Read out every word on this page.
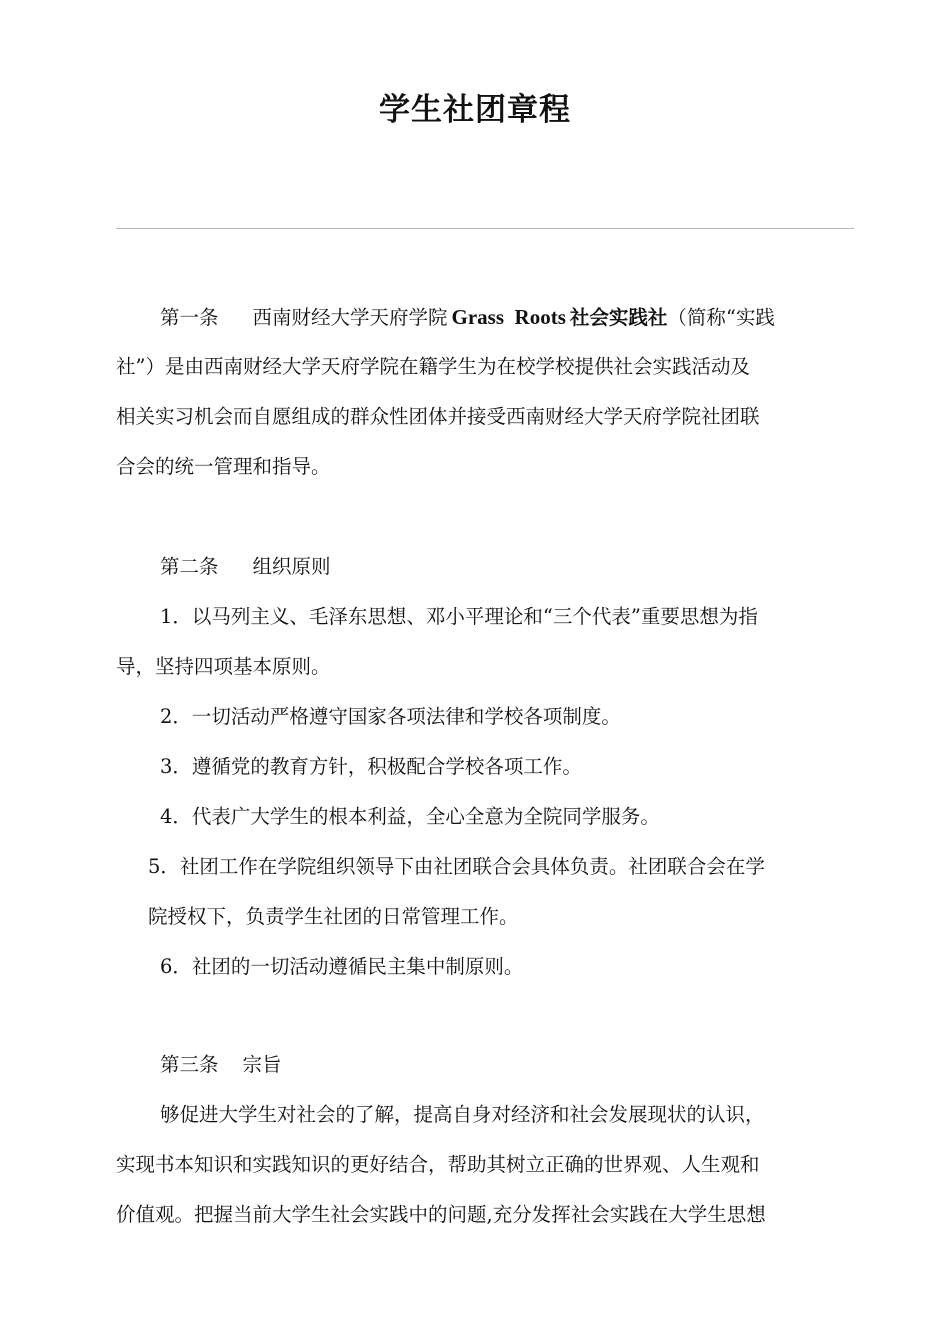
学生社团章程
第一条 西南财经大学天府学院 Grass  Roots 社会实践社（简称“实践
社”）是由西南财经大学天府学院在籍学生为在校学校提供社会实践活动及
相关实习机会而自愿组成的群众性团体并接受西南财经大学天府学院社团联
合会的统一管理和指导。
第二条 组织原则
1．以马列主义、毛泽东思想、邓小平理论和“三个代表”重要思想为指
导，坚持四项基本原则。
2．一切活动严格遵守国家各项法律和学校各项制度。
3．遵循党的教育方针，积极配合学校各项工作。
4．代表广大学生的根本利益，全心全意为全院同学服务。
5．社团工作在学院组织领导下由社团联合会具体负责。社团联合会在学
院授权下，负责学生社团的日常管理工作。
6．社团的一切活动遵循民主集中制原则。
第三条 宗旨
够促进大学生对社会的了解，提高自身对经济和社会发展现状的认识，
实现书本知识和实践知识的更好结合，帮助其树立正确的世界观、人生观和
价值观。把握当前大学生社会实践中的问题,充分发挥社会实践在大学生思想
